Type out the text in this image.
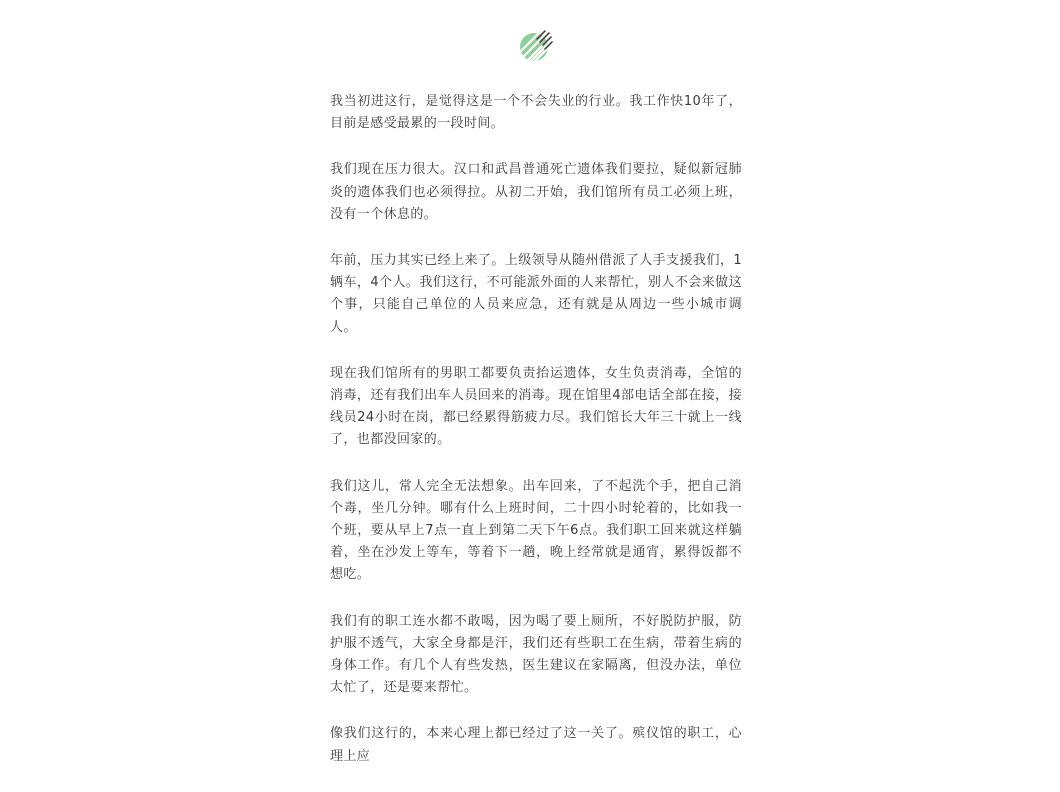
我当初进这行，是觉得这是一个不会失业的行业。我工作快10年了，目前是感受最累的一段时间。

我们现在压力很大。汉口和武昌普通死亡遗体我们要拉，疑似新冠肺炎的遗体我们也必须得拉。从初二开始，我们馆所有员工必须上班，没有一个休息的。

年前，压力其实已经上来了。上级领导从随州借派了人手支援我们，1辆车，4个人。我们这行，不可能派外面的人来帮忙，别人不会来做这个事，只能自己单位的人员来应急，还有就是从周边一些小城市调人。

现在我们馆所有的男职工都要负责抬运遗体，女生负责消毒，全馆的消毒，还有我们出车人员回来的消毒。现在馆里4部电话全部在接，接线员24小时在岗，都已经累得筋疲力尽。我们馆长大年三十就上一线了，也都没回家的。

我们这儿，常人完全无法想象。出车回来，了不起洗个手，把自己消个毒，坐几分钟。哪有什么上班时间，二十四小时轮着的，比如我一个班，要从早上7点一直上到第二天下午6点。我们职工回来就这样躺着，坐在沙发上等车，等着下一趟，晚上经常就是通宵，累得饭都不想吃。

我们有的职工连水都不敢喝，因为喝了要上厕所，不好脱防护服，防护服不透气，大家全身都是汗，我们还有些职工在生病，带着生病的身体工作。有几个人有些发热，医生建议在家隔离，但没办法，单位太忙了，还是要来帮忙。

像我们这行的，本来心理上都已经过了这一关了。殡仪馆的职工，心理上应
